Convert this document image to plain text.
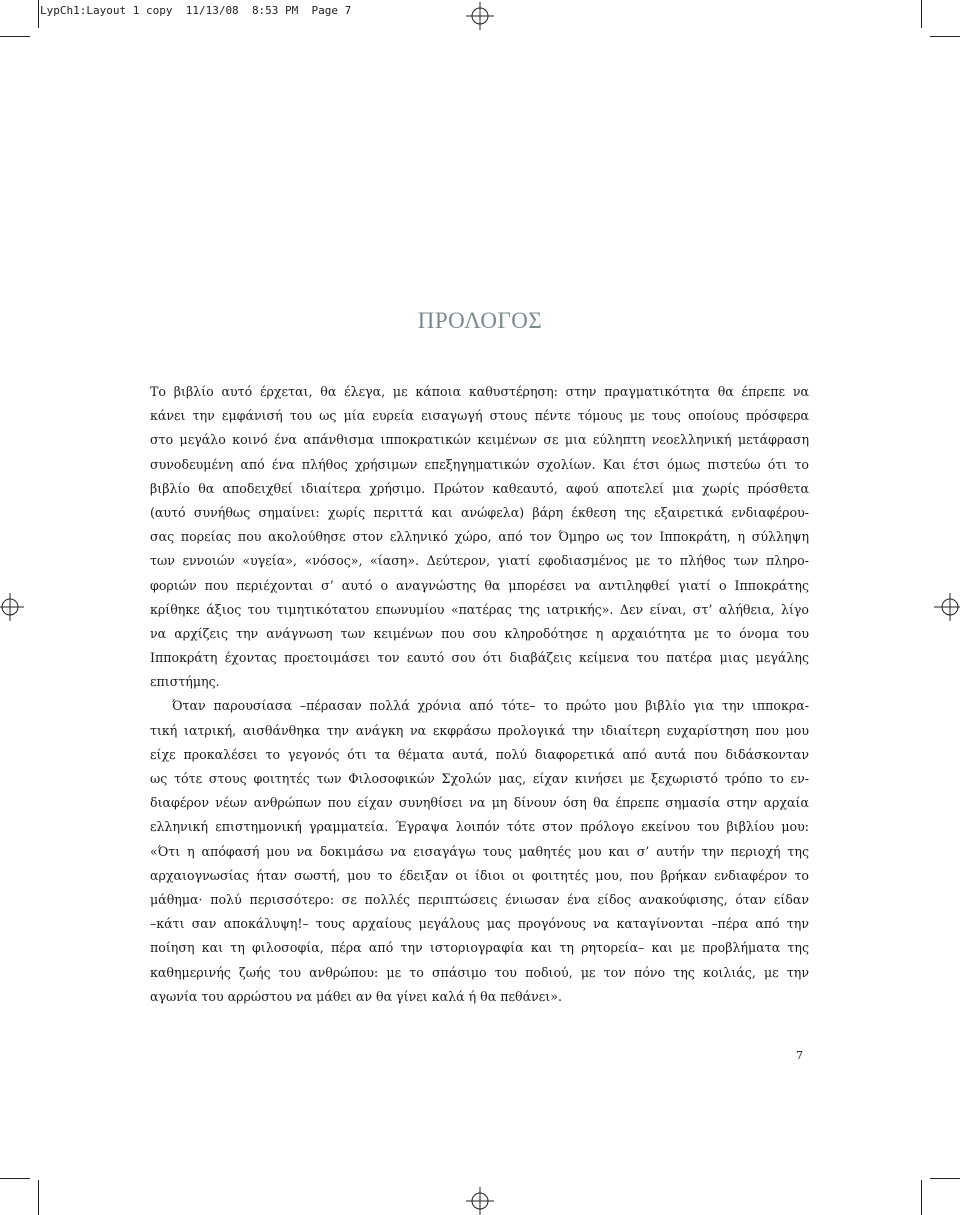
LypCh1:Layout 1 copy 11/13/08 8:53 PM Page 7
ΠΡΟΛΟΓΟΣ
Το βιβλίο αυτό έρχεται, θα έλεγα, με κάποια καθυστέρηση: στην πραγματικότητα θα έπρεπε να
κάνει την εμφάνισή του ως μία ευρεία εισαγωγή στους πέντε τόμους με τους οποίους πρόσφερα
στο μεγάλο κοινό ένα απάνθισμα ιπποκρατικών κειμένων σε μια εύληπτη νεοελληνική μετάφραση
συνοδευμένη από ένα πλήθος χρήσιμων επεξηγηματικών σχολίων. Και έτσι όμως πιστεύω ότι το
βιβλίο θα αποδειχθεί ιδιαίτερα χρήσιμο. Πρώτον καθεαυτό, αφού αποτελεί μια χωρίς πρόσθετα
(αυτό συνήθως σημαίνει: χωρίς περιττά και ανώφελα) βάρη έκθεση της εξαιρετικά ενδιαφέρου-
σας πορείας που ακολούθησε στον ελληνικό χώρο, από τον Όμηρο ως τον Ιπποκράτη, η σύλληψη
των εννοιών «υγεία», «νόσος», «ίαση». Δεύτερον, γιατί εφοδιασμένος με το πλήθος των πληρο-
φοριών που περιέχονται σ’ αυτό ο αναγνώστης θα μπορέσει να αντιληφθεί γιατί ο Ιπποκράτης
κρίθηκε άξιος του τιμητικότατου επωνυμίου «πατέρας της ιατρικής». Δεν είναι, στ’ αλήθεια, λίγο
να αρχίζεις την ανάγνωση των κειμένων που σου κληροδότησε η αρχαιότητα με το όνομα του
Ιπποκράτη έχοντας προετοιμάσει τον εαυτό σου ότι διαβάζεις κείμενα του πατέρα μιας μεγάλης
επιστήμης.
Όταν παρουσίασα –πέρασαν πολλά χρόνια από τότε– το πρώτο μου βιβλίο για την ιπποκρα-
τική ιατρική, αισθάνθηκα την ανάγκη να εκφράσω προλογικά την ιδιαίτερη ευχαρίστηση που μου
είχε προκαλέσει το γεγονός ότι τα θέματα αυτά, πολύ διαφορετικά από αυτά που διδάσκονταν
ως τότε στους φοιτητές των Φιλοσοφικών Σχολών μας, είχαν κινήσει με ξεχωριστό τρόπο το εν-
διαφέρον νέων ανθρώπων που είχαν συνηθίσει να μη δίνουν όση θα έπρεπε σημασία στην αρχαία
ελληνική επιστημονική γραμματεία. Έγραψα λοιπόν τότε στον πρόλογο εκείνου του βιβλίου μου:
«Ότι η απόφασή μου να δοκιμάσω να εισαγάγω τους μαθητές μου και σ’ αυτήν την περιοχή της
αρχαιογνωσίας ήταν σωστή, μου το έδειξαν οι ίδιοι οι φοιτητές μου, που βρήκαν ενδιαφέρον το
μάθημα· πολύ περισσότερο: σε πολλές περιπτώσεις ένιωσαν ένα είδος ανακούφισης, όταν είδαν
–κάτι σαν αποκάλυψη!– τους αρχαίους μεγάλους μας προγόνους να καταγίνονται –πέρα από την
ποίηση και τη φιλοσοφία, πέρα από την ιστοριογραφία και τη ρητορεία– και με προβλήματα της
καθημερινής ζωής του ανθρώπου: με το σπάσιμο του ποδιού, με τον πόνο της κοιλιάς, με την
αγωνία του αρρώστου να μάθει αν θα γίνει καλά ή θα πεθάνει».
7
